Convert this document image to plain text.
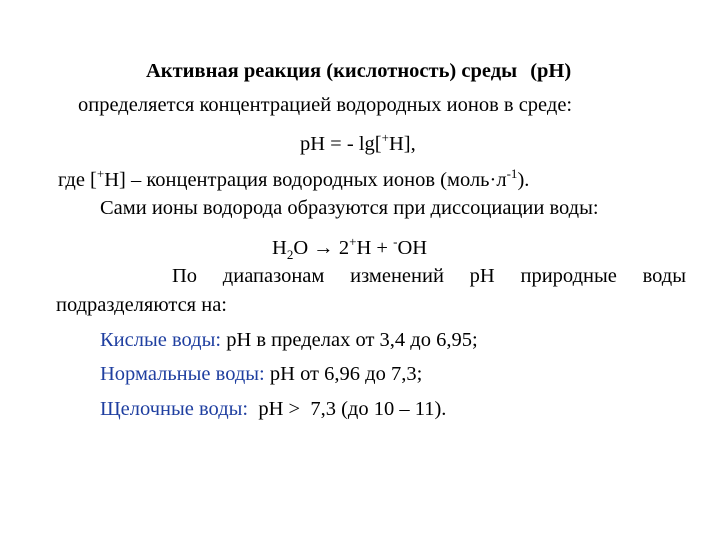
Активная реакция (кислотность) среды (рН)
определяется концентрацией водородных ионов в среде:
рН = - lg[+Н],
где [+Н] – концентрация водородных ионов $(моль\cdot л^{-1})$.
Сами ионы водорода образуются при диссоциации воды:
$Н_2О \to 2^+Н + ^-ОН$
По диапазонам изменений рН природные воды
подразделяются на:
Кислые воды: рН в пределах от 3,4 до 6,95;
Нормальные воды: рН от 6,96 до 7,3;
Щелочные воды:  рН >  7,3 (до 10 – 11).
